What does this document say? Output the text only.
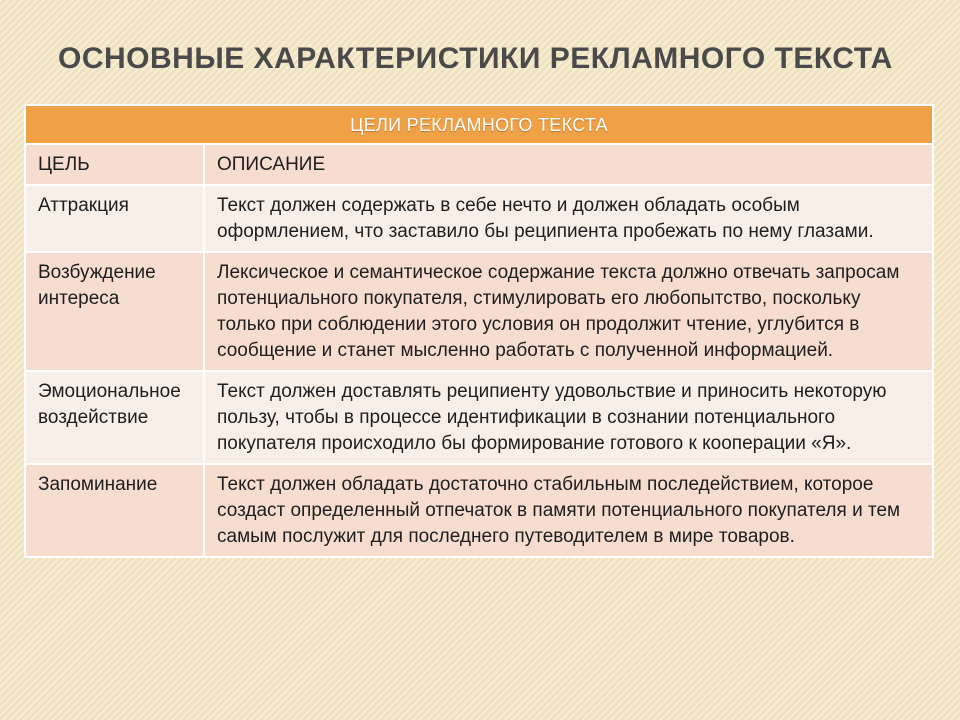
ОСНОВНЫЕ ХАРАКТЕРИСТИКИ РЕКЛАМНОГО ТЕКСТА
ЦЕЛИ РЕКЛАМНОГО ТЕКСТА	
ЦЕЛЬ	ОПИСАНИЕ
Аттракция	Текст должен содержать в себе нечто и должен обладать особым оформлением, что заставило бы реципиента пробежать по нему глазами.
Возбуждение интереса	Лексическое и семантическое содержание текста должно отвечать запросам потенциального покупателя, стимулировать его любопытство, поскольку только при соблюдении этого условия он продолжит чтение, углубится в сообщение и станет мысленно работать с полученной информацией.
Эмоциональное воздействие	Текст должен доставлять реципиенту удовольствие и приносить некоторую пользу, чтобы в процессе идентификации в сознании потенциального покупателя происходило бы формирование готового к кооперации «Я».
Запоминание	Текст должен обладать достаточно стабильным последействием, которое создаст определенный отпечаток в памяти потенциального покупателя и тем самым послужит для последнего путеводителем в мире товаров.
